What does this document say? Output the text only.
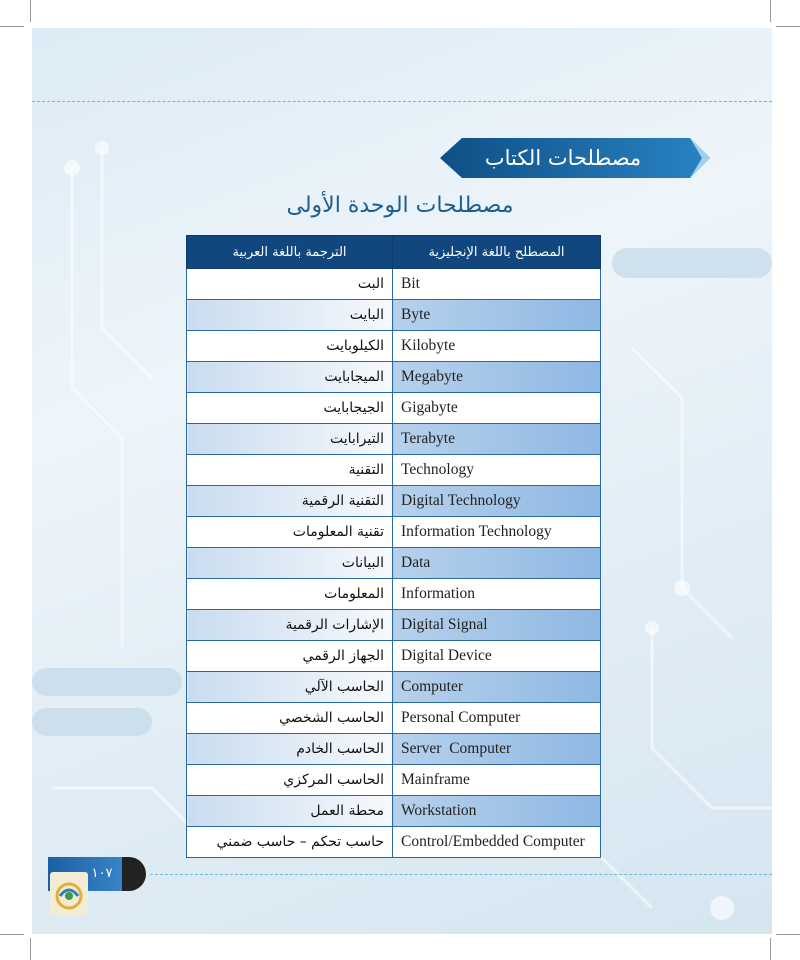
مصطلحات الكتاب
مصطلحات الوحدة الأولى
الترجمة باللغة العربية	المصطلح باللغة الإنجليزية
البت	Bit
البايت	Byte
الكيلوبايت	Kilobyte
الميجابايت	Megabyte
الجيجابايت	Gigabyte
التيرابايت	Terabyte
التقنية	Technology
التقنية الرقمية	Digital Technology
تقنية المعلومات	Information Technology
البيانات	Data
المعلومات	Information
الإشارات الرقمية	Digital Signal
الجهاز الرقمي	Digital Device
الحاسب الآلي	Computer
الحاسب الشخصي	Personal Computer
الحاسب الخادم	Server  Computer
الحاسب المركزي	Mainframe
محطة العمل	Workstation
حاسب تحكم – حاسب ضمني	Control/Embedded Computer
١٠٧
